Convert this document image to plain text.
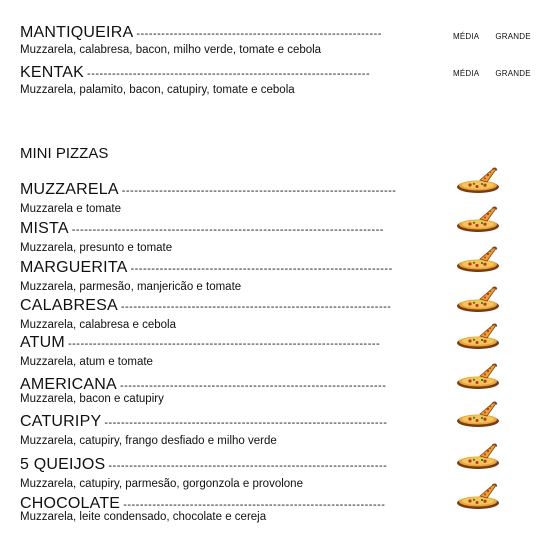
MANTIQUEIRA -----------------------------------------------------------
Muzzarela, calabresa, bacon, milho verde, tomate e cebola
MÉDIA GRANDE
KENTAK --------------------------------------------------------------------
Muzzarela, palamito, bacon, catupiry, tomate e cebola
MÉDIA GRANDE
MINI PIZZAS
MUZZARELA ------------------------------------------------------------------
Muzzarela e tomate
MISTA ---------------------------------------------------------------------------
Muzzarela, presunto e tomate
MARGUERITA ---------------------------------------------------------------
Muzzarela, parmesão, manjericão e tomate
CALABRESA -----------------------------------------------------------------
Muzzarela, calabresa e cebola
ATUM ---------------------------------------------------------------------------
Muzzarela, atum e tomate
AMERICANA ----------------------------------------------------------------
Muzzarela, bacon e catupiry
CATURIPY --------------------------------------------------------------------
Muzzarela, catupiry, frango desfiado e milho verde
5 QUEIJOS -------------------------------------------------------------------
Muzzarela, catupiry, parmesão, gorgonzola e provolone
CHOCOLATE ---------------------------------------------------------------
Muzzarela, leite condensado, chocolate e cereja
